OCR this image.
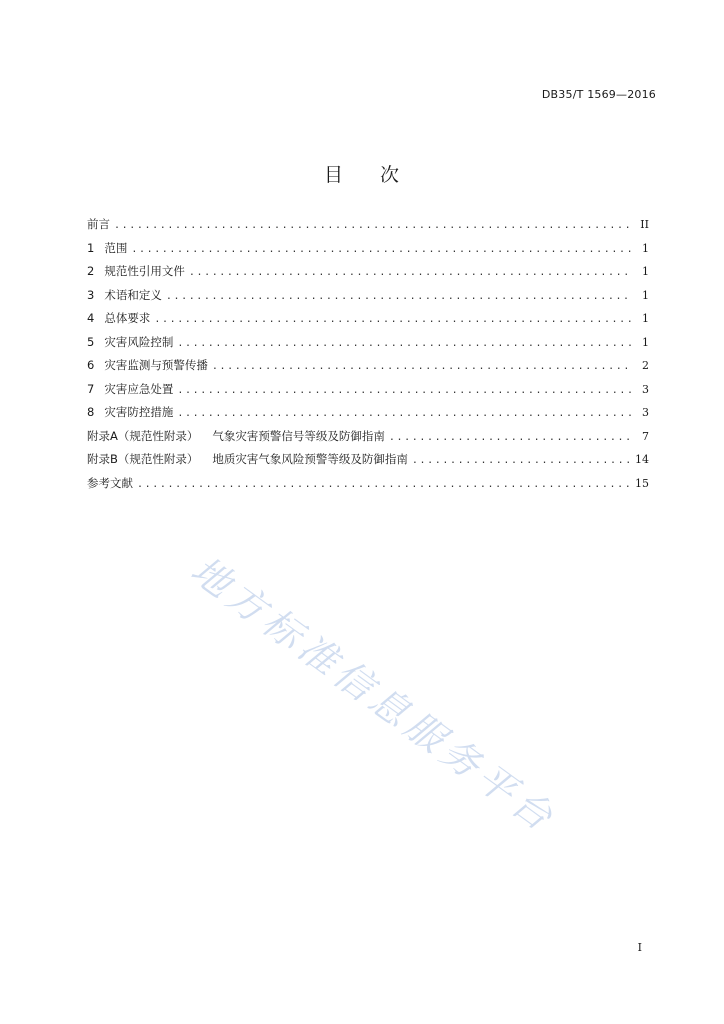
DB35/T 1569—2016
目 次
前言 .....	II
1 范围 .....	1
2 规范性引用文件 .....	1
3 术语和定义 .....	1
4 总体要求 .....	1
5 灾害风险控制 .....	1
6 灾害监测与预警传播 .....	2
7 灾害应急处置 .....	3
8 灾害防控措施 .....	3
附录A（规范性附录） 气象灾害预警信号等级及防御指南 .....	7
附录B（规范性附录） 地质灾害气象风险预警等级及防御指南 .....	14
参考文献 .....	15
地方标准信息服务平台
I
